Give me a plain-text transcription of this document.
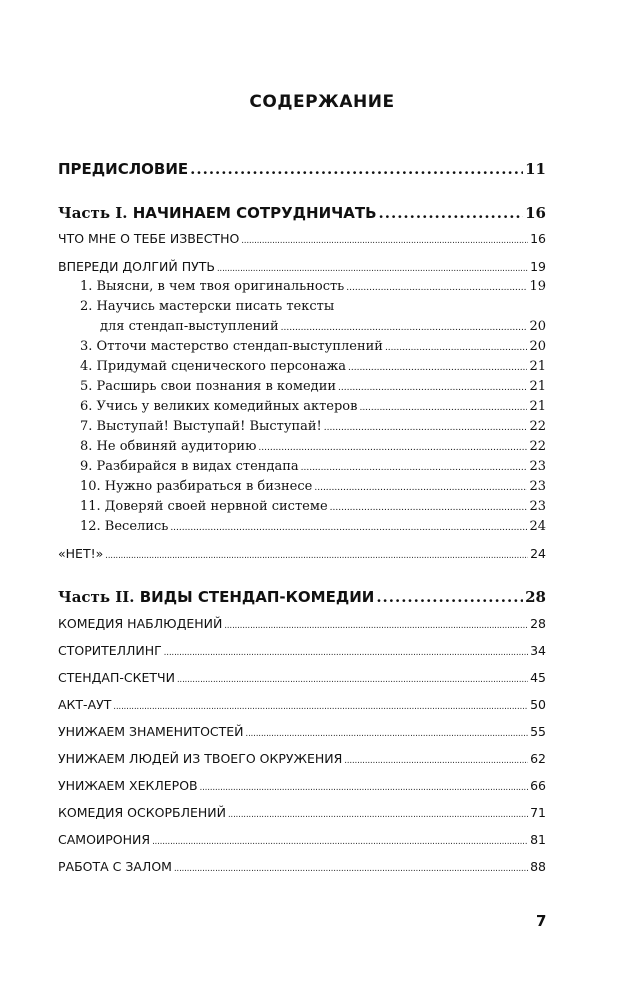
СОДЕРЖАНИЕ
ПРЕДИСЛОВИЕ .....	11
Часть I. НАЧИНАЕМ СОТРУДНИЧАТЬ .....	16
ЧТО МНЕ О ТЕБЕ ИЗВЕСТНО .....	16
ВПЕРЕДИ ДОЛГИЙ ПУТЬ .....	19
1. Выясни, в чем твоя оригинальность .....	19
2. Научись мастерски писать тексты
для стендап-выступлений .....	20
3. Отточи мастерство стендап-выступлений .....	20
4. Придумай сценического персонажа .....	21
5. Расширь свои познания в комедии .....	21
6. Учись у великих комедийных актеров .....	21
7. Выступай! Выступай! Выступай! .....	22
8. Не обвиняй аудиторию .....	22
9. Разбирайся в видах стендапа .....	23
10. Нужно разбираться в бизнесе .....	23
11. Доверяй своей нервной системе .....	23
12. Веселись .....	24
«НЕТ!» .....	24
Часть II. ВИДЫ СТЕНДАП-КОМЕДИИ .....	28
КОМЕДИЯ НАБЛЮДЕНИЙ .....	28
СТОРИТЕЛЛИНГ .....	34
СТЕНДАП-СКЕТЧИ .....	45
АКТ-АУТ .....	50
УНИЖАЕМ ЗНАМЕНИТОСТЕЙ .....	55
УНИЖАЕМ ЛЮДЕЙ ИЗ ТВОЕГО ОКРУЖЕНИЯ .....	62
УНИЖАЕМ ХЕКЛЕРОВ .....	66
КОМЕДИЯ ОСКОРБЛЕНИЙ .....	71
САМОИРОНИЯ .....	81
РАБОТА С ЗАЛОМ .....	88
7
